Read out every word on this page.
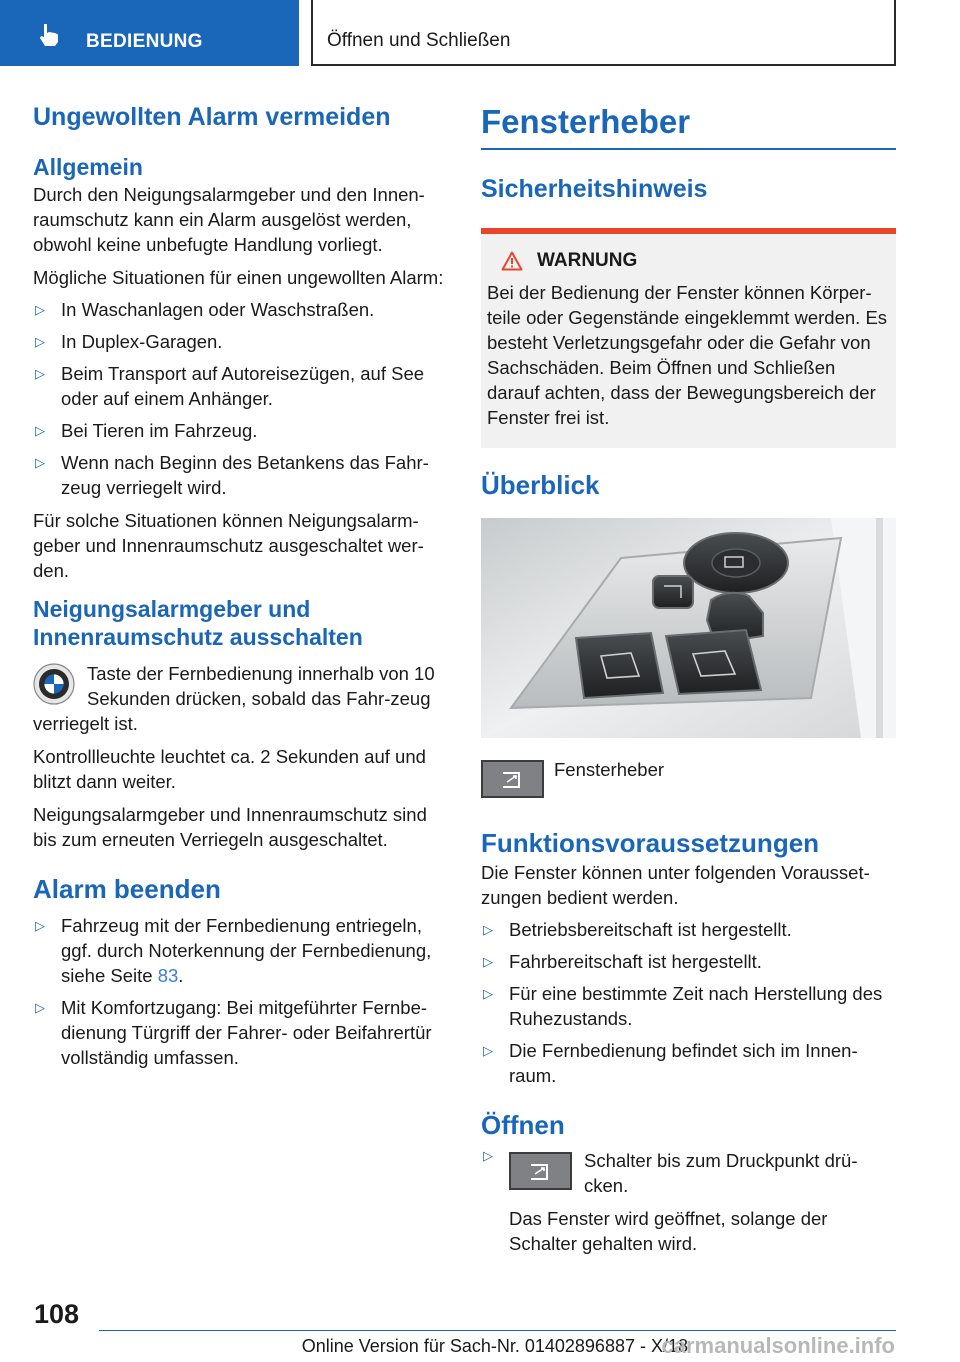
BEDIENUNG	Öffnen und Schließen
Ungewollten Alarm vermeiden
Allgemein

Durch den Neigungsalarmgeber und den Innen-raumschutz kann ein Alarm ausgelöst werden, obwohl keine unbefugte Handlung vorliegt.

Mögliche Situationen für einen ungewollten Alarm:

▷ In Waschanlagen oder Waschstraßen.
▷ In Duplex-Garagen.
▷ Beim Transport auf Autoreisezügen, auf See oder auf einem Anhänger.
▷ Bei Tieren im Fahrzeug.
▷ Wenn nach Beginn des Betankens das Fahr-zeug verriegelt wird.

Für solche Situationen können Neigungsalarm-geber und Innenraumschutz ausgeschaltet wer-den.

Neigungsalarmgeber und Innenraumschutz ausschalten

Taste der Fernbedienung innerhalb von 10 Sekunden drücken, sobald das Fahr-zeug verriegelt ist.

Kontrollleuchte leuchtet ca. 2 Sekunden auf und blitzt dann weiter.

Neigungsalarmgeber und Innenraumschutz sind bis zum erneuten Verriegeln ausgeschaltet.

Alarm beenden
▷ Fahrzeug mit der Fernbedienung entriegeln, ggf. durch Noterkennung der Fernbedienung, siehe Seite 83.
▷ Mit Komfortzugang: Bei mitgeführter Fernbe-dienung Türgriff der Fahrer- oder Beifahrertür vollständig umfassen.
Fensterheber
Sicherheitshinweis
WARNUNG

Bei der Bedienung der Fenster können Körper-teile oder Gegenstände eingeklemmt werden. Es besteht Verletzungsgefahr oder die Gefahr von Sachschäden. Beim Öffnen und Schließen darauf achten, dass der Bewegungsbereich der Fenster frei ist.

Überblick
Fensterheber
Funktionsvoraussetzungen

Die Fenster können unter folgenden Vorausset-zungen bedient werden.

▷ Betriebsbereitschaft ist hergestellt.
▷ Fahrbereitschaft ist hergestellt.
▷ Für eine bestimmte Zeit nach Herstellung des Ruhezustands.
▷ Die Fernbedienung befindet sich im Innen-raum.
Öffnen
▷	Schalter bis zum Druckpunkt drü-cken.

Das Fenster wird geöffnet, solange der Schalter gehalten wird.

108
Online Version für Sach-Nr. 01402896887 - X/18
carmanualsonline.info
